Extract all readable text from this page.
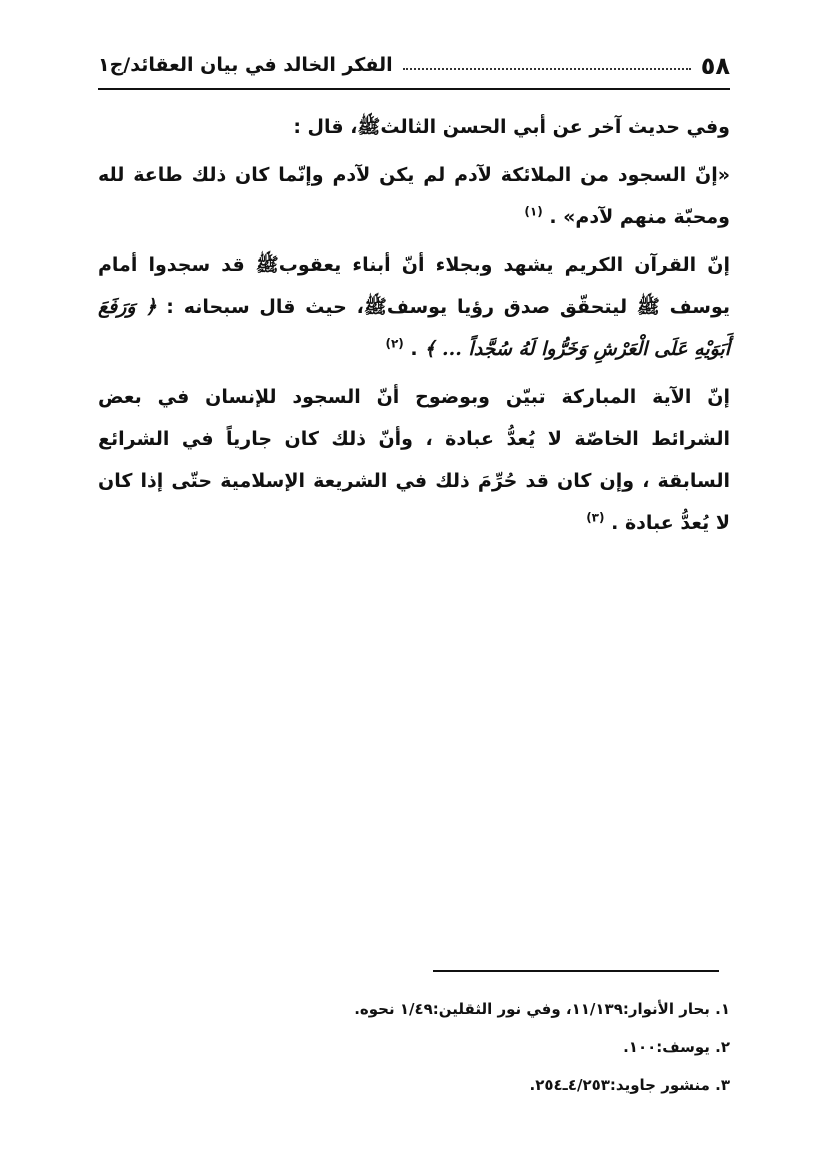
٥٨
الفكر الخالد في بيان العقائد/ج١

وفي حديث آخر عن أبي الحسن الثالثﷺ، قال :

«إنّ السجود من الملائكة لآدم لم يكن لآدم وإنّما كان ذلك طاعة لله ومحبّة منهم لآدم» . $^{(١)}$

إنّ القرآن الكريم يشهد وبجلاء أنّ أبناء يعقوبﷺ قد سجدوا أمام يوسف ﷺ ليتحقّق صدق رؤيا يوسفﷺ، حيث قال سبحانه : ﴿ وَرَفَعَ أَبَوَيْهِ عَلَى الْعَرْشِ وَخَرُّوا لَهُ سُجَّداً ... ﴾ . $^{(٢)}$

إنّ الآية المباركة تبيّن وبوضوح أنّ السجود للإنسان في بعض الشرائط الخاصّة لا يُعدُّ عبادة ، وأنّ ذلك كان جارياً في الشرائع السابقة ، وإن كان قد حُرِّمَ ذلك في الشريعة الإسلامية حتّى إذا كان لا يُعدُّ عبادة . $^{(٣)}$

١. بحار الأنوار:١١/١٣٩، وفي نور الثقلين:١/٤٩ نحوه.
٢. يوسف:١٠٠.
٣. منشور جاويد:٤/٢٥٣ـ٢٥٤.
